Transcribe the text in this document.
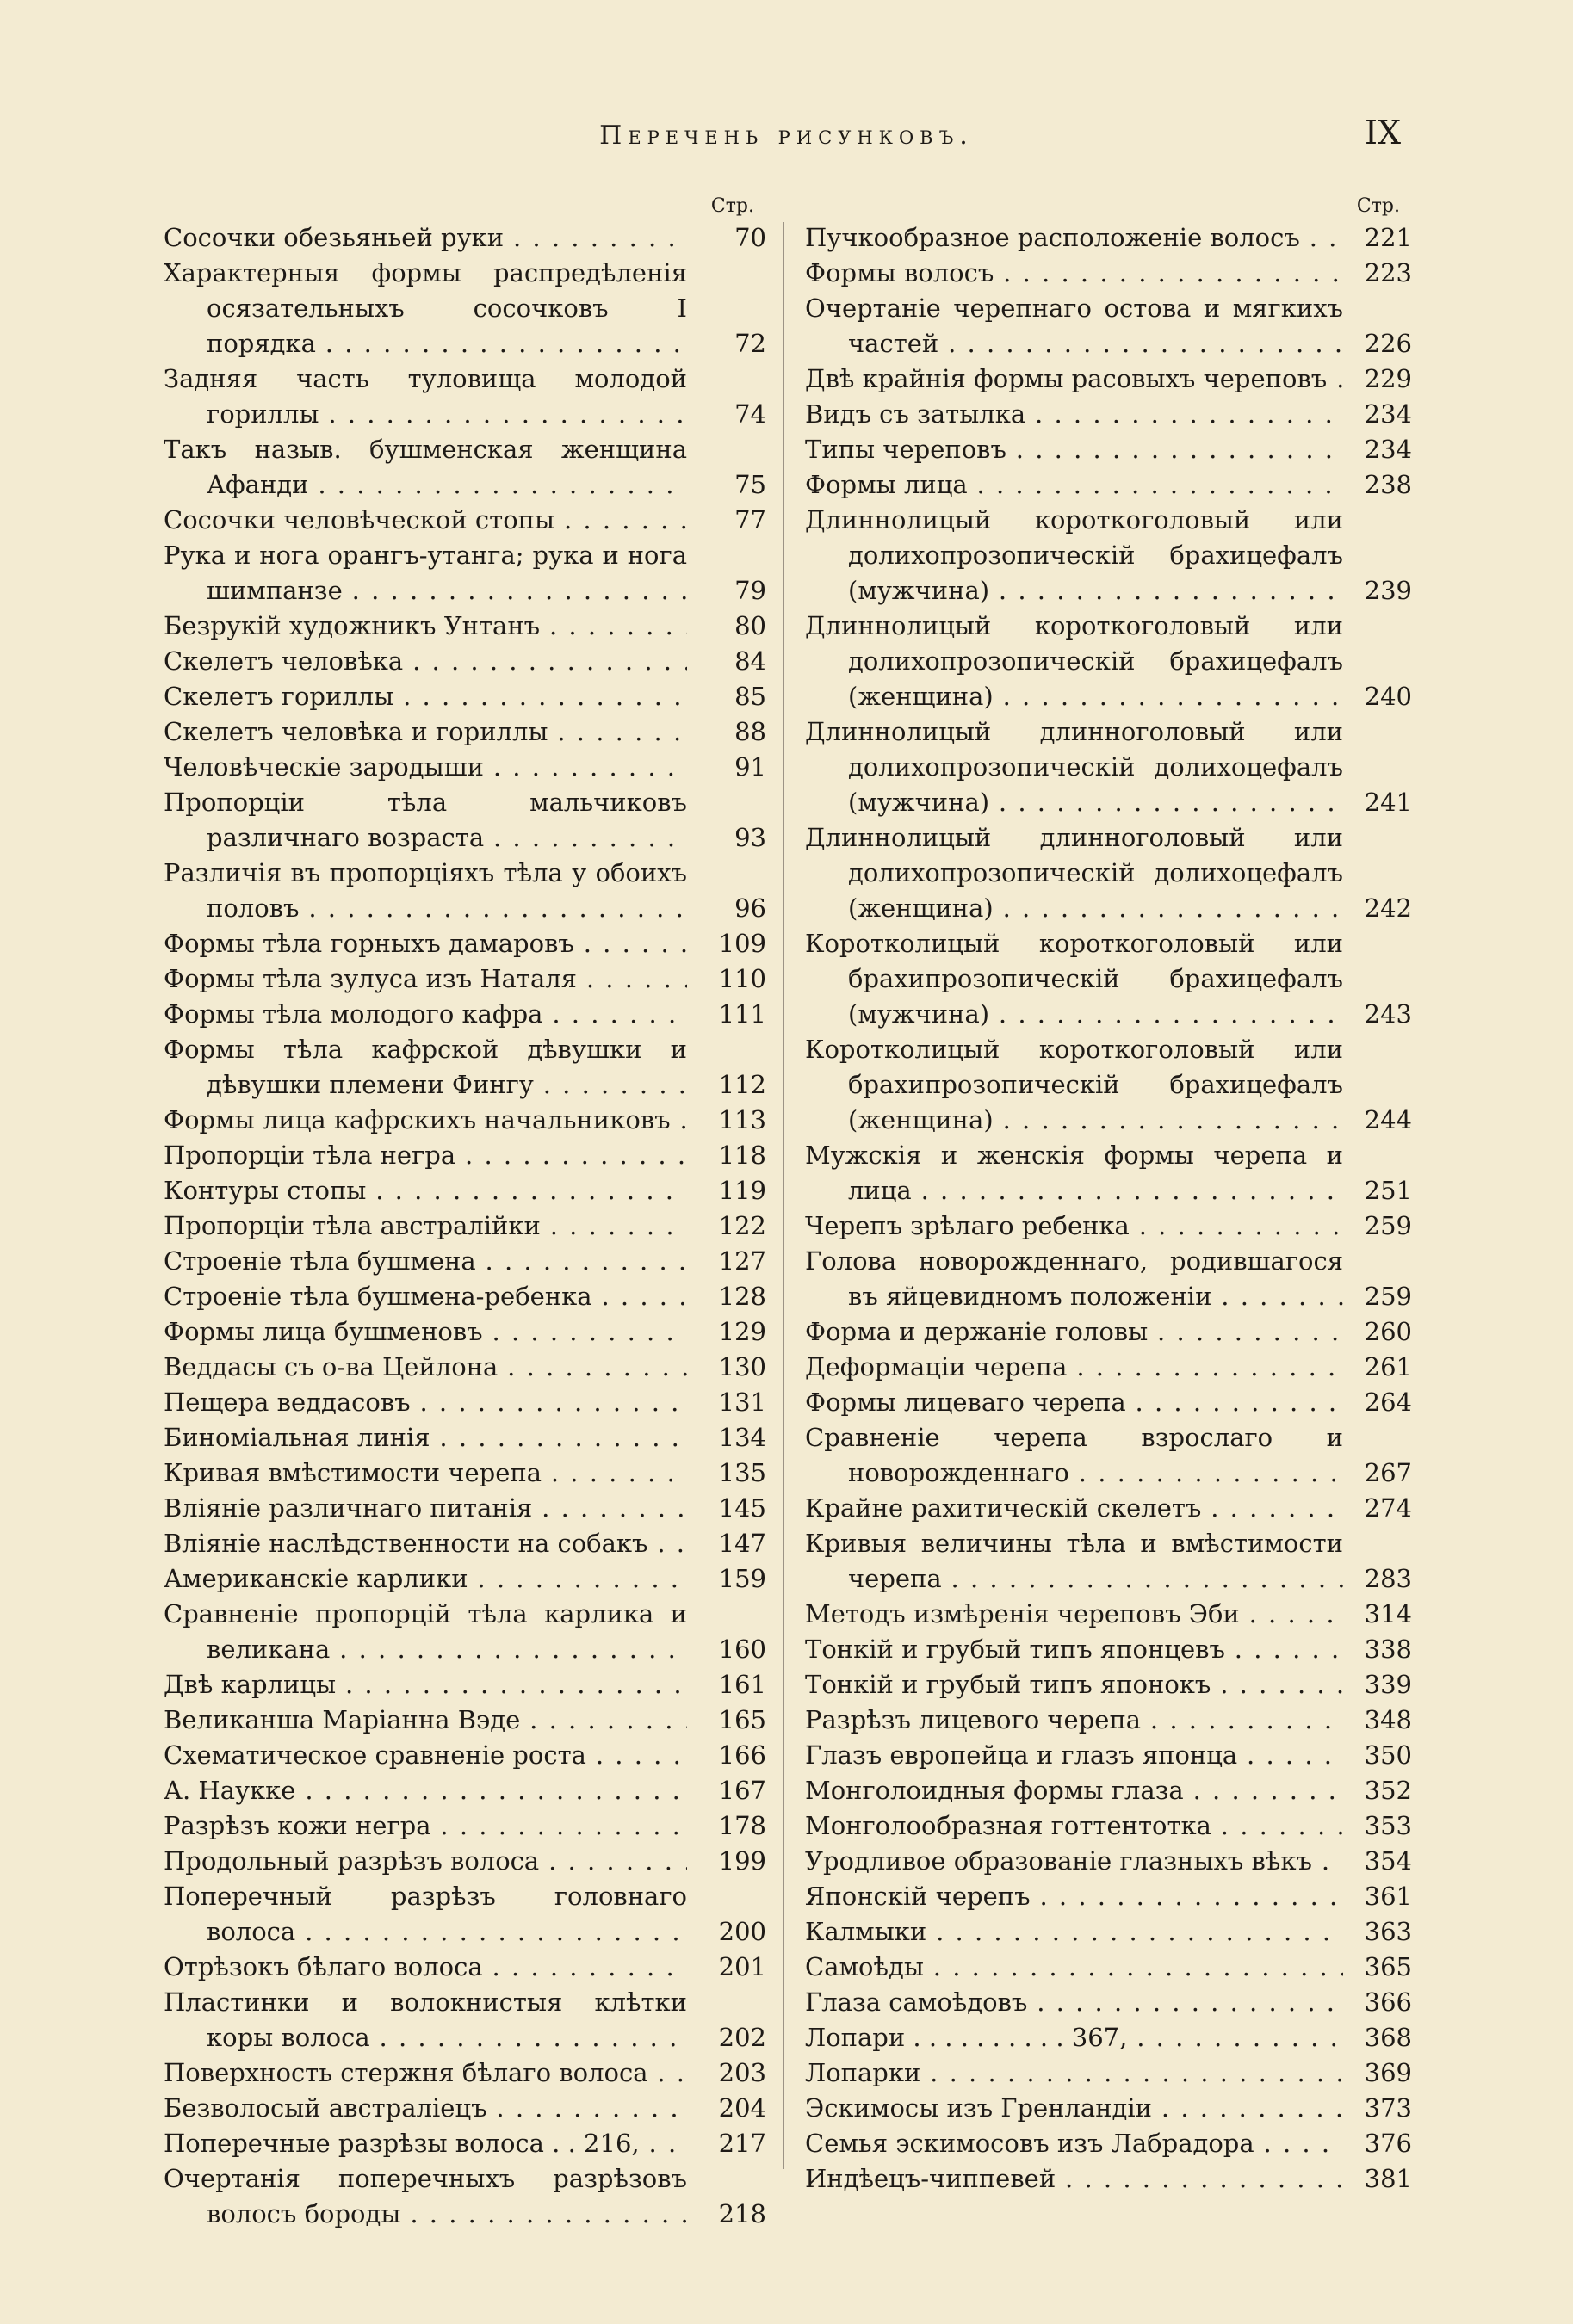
Перечень рисунковъ.	IX
Стр.
Сосочки обезьяньей руки . . .	70
Характерныя формы распредѣленія осязательныхъ сосочковъ I порядка . . .	72
Задняя часть туловища молодой гориллы . . .	74
Такъ назыв. бушменская женщина Афанди . . .	75
Сосочки человѣческой стопы . . .	77
Рука и нога орангъ-утанга; рука и нога шимпанзе . . .	79
Безрукій художникъ Унтанъ . . .	80
Скелетъ человѣка . . .	84
Скелетъ гориллы . . .	85
Скелетъ человѣка и гориллы . . .	88
Человѣческіе зародыши . . .	91
Пропорціи тѣла мальчиковъ различнаго возраста . . .	93
Различія въ пропорціяхъ тѣла у обоихъ половъ . . .	96
Формы тѣла горныхъ дамаровъ . . .	109
Формы тѣла зулуса изъ Наталя . . .	110
Формы тѣла молодого кафра . . .	111
Формы тѣла кафрской дѣвушки и дѣвушки племени Фингу . . .	112
Формы лица кафрскихъ начальниковъ . . .	113
Пропорціи тѣла негра . . .	118
Контуры стопы . . .	119
Пропорціи тѣла австралійки . . .	122
Строеніе тѣла бушмена . . .	127
Строеніе тѣла бушмена-ребенка . . .	128
Формы лица бушменовъ . . .	129
Веддасы съ о-ва Цейлона . . .	130
Пещера веддасовъ . . .	131
Биноміальная линія . . .	134
Кривая вмѣстимости черепа . . .	135
Вліяніе различнаго питанія . . .	145
Вліяніе наслѣдственности на собакъ . . .	147
Американскіе карлики . . .	159
Сравненіе пропорцій тѣла карлика и великана . . .	160
Двѣ карлицы . . .	161
Великанша Маріанна Вэде . . .	165
Схематическое сравненіе роста . . .	166
А. Наукке . . .	167
Разрѣзъ кожи негра . . .	178
Продольный разрѣзъ волоса . . .	199
Поперечный разрѣзъ головнаго волоса . . .	200
Отрѣзокъ бѣлаго волоса . . .	201
Пластинки и волокнистыя клѣтки коры волоса . . .	202
Поверхность стержня бѣлаго волоса . . .	203
Безволосый австраліецъ . . .	204
Поперечные разрѣзы волоса . . 216, . . .	217
Очертанія поперечныхъ разрѣзовъ волосъ бороды . . .	218
Стр.
Пучкообразное расположеніе волосъ . . .	221
Формы волосъ . . .	223
Очертаніе черепнаго остова и мягкихъ частей . . .	226
Двѣ крайнія формы расовыхъ череповъ . . .	229
Видъ съ затылка . . .	234
Типы череповъ . . .	234
Формы лица . . .	238
Длиннолицый короткоголовый или долихопрозопическій брахицефалъ (мужчина) . . .	239
Длиннолицый короткоголовый или долихопрозопическій брахицефалъ (женщина) . . .	240
Длиннолицый длинноголовый или долихопрозопическій долихоцефалъ (мужчина) . . .	241
Длиннолицый длинноголовый или долихопрозопическій долихоцефалъ (женщина) . . .	242
Коротколицый короткоголовый или брахипрозопическій брахицефалъ (мужчина) . . .	243
Коротколицый короткоголовый или брахипрозопическій брахицефалъ (женщина) . . .	244
Мужскія и женскія формы черепа и лица . . .	251
Черепъ зрѣлаго ребенка . . .	259
Голова новорожденнаго, родившагося въ яйцевидномъ положеніи . . .	259
Форма и держаніе головы . . .	260
Деформаціи черепа . . .	261
Формы лицеваго черепа . . .	264
Сравненіе черепа взрослаго и новорожденнаго . . .	267
Крайне рахитическій скелетъ . . .	274
Кривыя величины тѣла и вмѣстимости черепа . . .	283
Методъ измѣренія череповъ Эби . . .	314
Тонкій и грубый типъ японцевъ . . .	338
Тонкій и грубый типъ японокъ . . .	339
Разрѣзъ лицевого черепа . . .	348
Глазъ европейца и глазъ японца . . .	350
Монголоидныя формы глаза . . .	352
Монголообразная готтентотка . . .	353
Уродливое образованіе глазныхъ вѣкъ . . .	354
Японскій черепъ . . .	361
Калмыки . . .	363
Самоѣды . . .	365
Глаза самоѣдовъ . . .	366
Лопари . . . . . . . . . . 367, . . .	368
Лопарки . . .	369
Эскимосы изъ Гренландіи . . .	373
Семья эскимосовъ изъ Лабрадора . . .	376
Индѣецъ-чиппевей . . .	381
